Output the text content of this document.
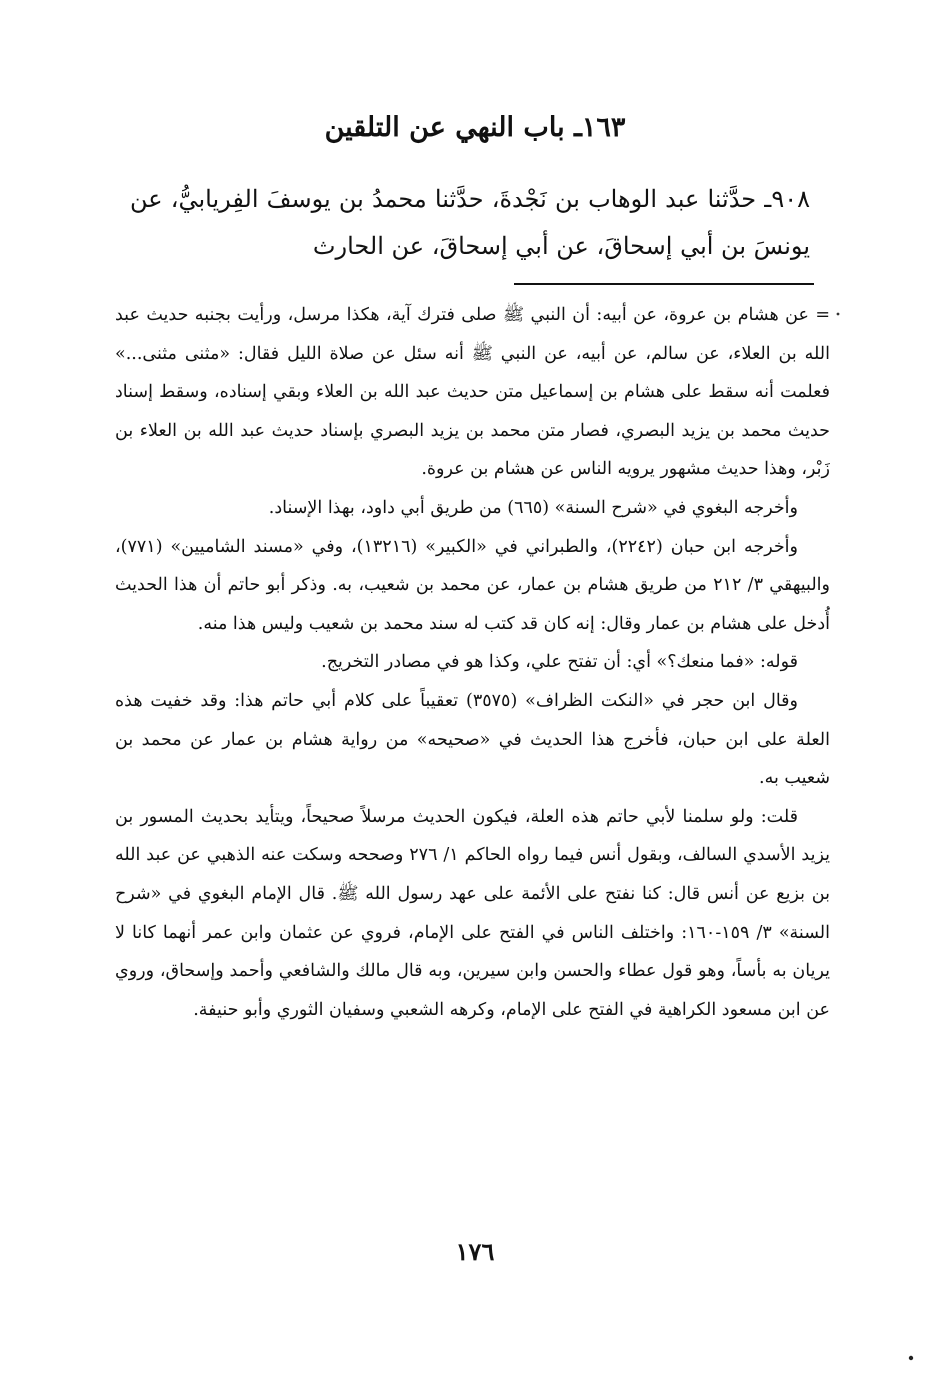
١٦٣ـ باب النهي عن التلقين

٩٠٨ـ حدَّثنا عبد الوهاب بن نَجْدةَ، حدَّثنا محمدُ بن يوسفَ الفِريابيُّ، عن يونسَ بن أبي إسحاقَ، عن أبي إسحاقَ، عن الحارث

= عن هشام بن عروة، عن أبيه: أن النبي ﷺ صلى فترك آية، هكذا مرسل، ورأيت بجنبه حديث عبد الله بن العلاء، عن سالم، عن أبيه، عن النبي ﷺ أنه سئل عن صلاة الليل فقال: «مثنى مثنى...» فعلمت أنه سقط على هشام بن إسماعيل متن حديث عبد الله بن العلاء وبقي إسناده، وسقط إسناد حديث محمد بن يزيد البصري، فصار متن محمد بن يزيد البصري بإسناد حديث عبد الله بن العلاء بن زَبْر، وهذا حديث مشهور يرويه الناس عن هشام بن عروة.

وأخرجه البغوي في «شرح السنة» (٦٦٥) من طريق أبي داود، بهذا الإسناد.

وأخرجه ابن حبان (٢٢٤٢)، والطبراني في «الكبير» (١٣٢١٦)، وفي «مسند الشاميين» (٧٧١)، والبيهقي ٣/ ٢١٢ من طريق هشام بن عمار، عن محمد بن شعيب، به. وذكر أبو حاتم أن هذا الحديث أُدخل على هشام بن عمار وقال: إنه كان قد كتب له سند محمد بن شعيب وليس هذا منه.

قوله: «فما منعك؟» أي: أن تفتح علي، وكذا هو في مصادر التخريج.

وقال ابن حجر في «النكت الظراف» (٣٥٧٥) تعقيباً على كلام أبي حاتم هذا: وقد خفيت هذه العلة على ابن حبان، فأخرج هذا الحديث في «صحيحه» من رواية هشام بن عمار عن محمد بن شعيب به.

قلت: ولو سلمنا لأبي حاتم هذه العلة، فيكون الحديث مرسلاً صحيحاً، ويتأيد بحديث المسور بن يزيد الأسدي السالف، وبقول أنس فيما رواه الحاكم ١/ ٢٧٦ وصححه وسكت عنه الذهبي عن عبد الله بن بزيع عن أنس قال: كنا نفتح على الأئمة على عهد رسول الله ﷺ. قال الإمام البغوي في «شرح السنة» ٣/ ١٥٩-١٦٠: واختلف الناس في الفتح على الإمام، فروي عن عثمان وابن عمر أنهما كانا لا يريان به بأساً، وهو قول عطاء والحسن وابن سيرين، وبه قال مالك والشافعي وأحمد وإسحاق، وروي عن ابن مسعود الكراهية في الفتح على الإمام، وكرهه الشعبي وسفيان الثوري وأبو حنيفة.

١٧٦
